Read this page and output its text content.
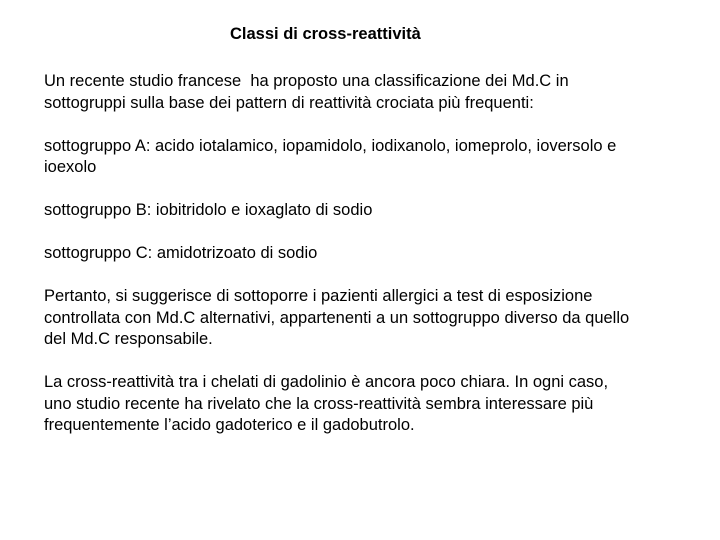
Classi di cross-reattività

Un recente studio francese  ha proposto una classificazione dei Md.C in
sottogruppi sulla base dei pattern di reattività crociata più frequenti:

sottogruppo A: acido iotalamico, iopamidolo, iodixanolo, iomeprolo, ioversolo e
ioexolo

sottogruppo B: iobitridolo e ioxaglato di sodio

sottogruppo C: amidotrizoato di sodio

Pertanto, si suggerisce di sottoporre i pazienti allergici a test di esposizione
controllata con Md.C alternativi, appartenenti a un sottogruppo diverso da quello
del Md.C responsabile.

La cross-reattività tra i chelati di gadolinio è ancora poco chiara. In ogni caso,
uno studio recente ha rivelato che la cross-reattività sembra interessare più
frequentemente l’acido gadoterico e il gadobutrolo.
